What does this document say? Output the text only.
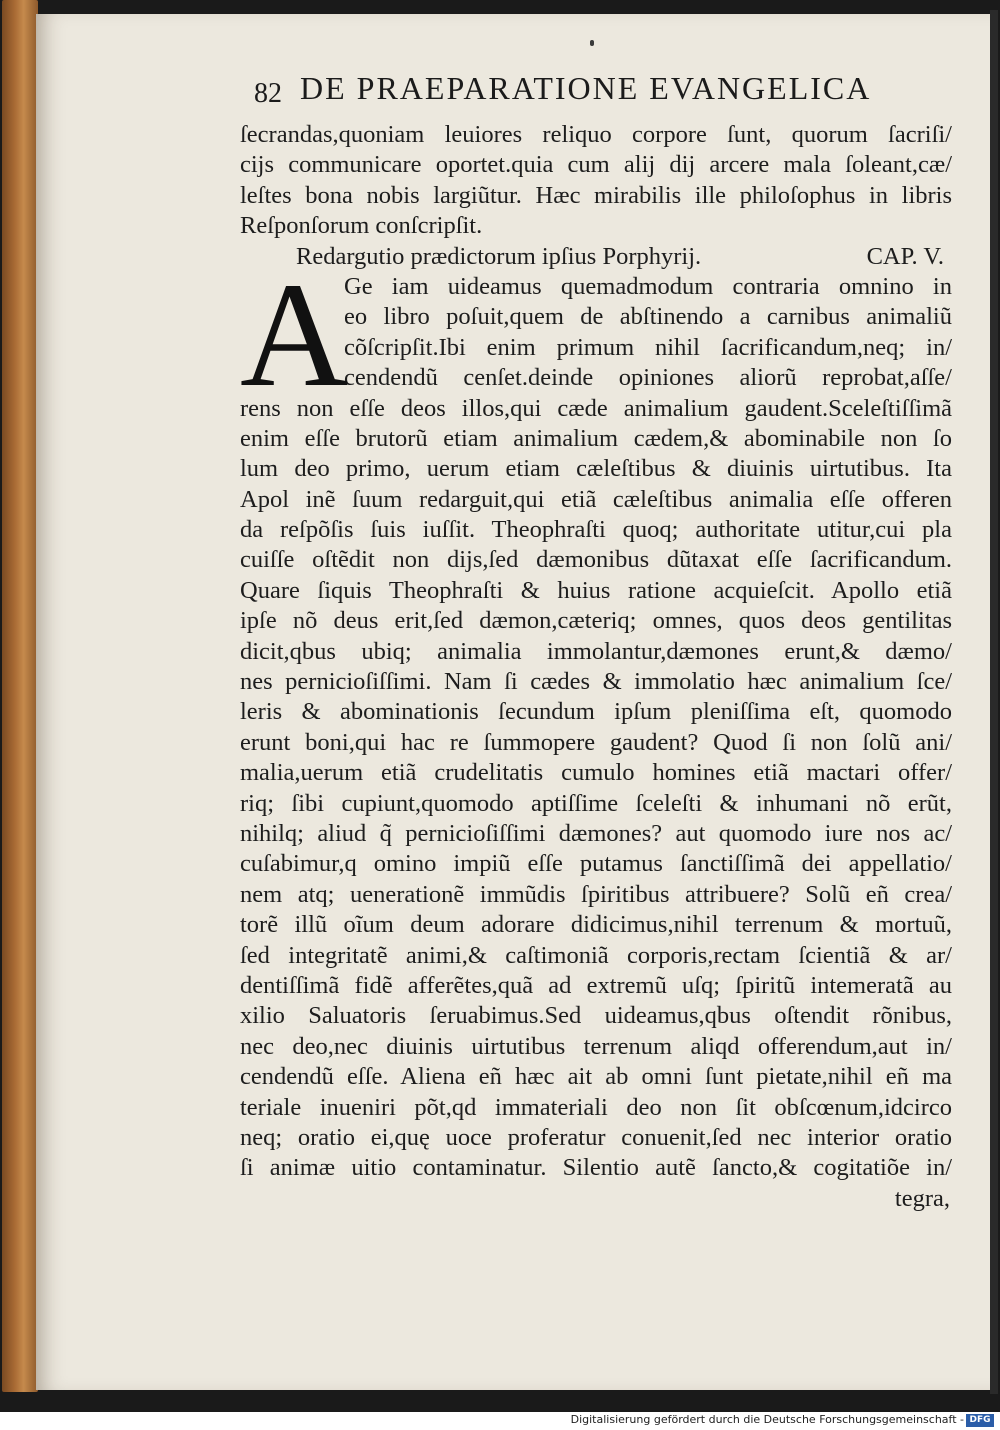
82 DE PRAEPARATIONE EVANGELICA
ſecrandas,quoniam leuiores reliquo corpore ſunt, quorum ſacriſi/
cijs communicare oportet.quia cum alij dij arcere mala ſoleant,cæ/
leſtes bona nobis largiũtur. Hæc mirabilis ille philoſophus in libris
Reſponſorum conſcripſit.
Redargutio prædictorum ipſius Porphyrij.	CAP. V.
A
Ge iam uideamus quemadmodum contraria omnino in
eo libro poſuit,quem de abſtinendo a carnibus animaliũ
cõſcripſit.Ibi enim primum nihil ſacrificandum,neq; in/
cendendũ cenſet.deinde opiniones aliorũ reprobat,aſſe/
rens non eſſe deos illos,qui cæde animalium gaudent.Sceleſtiſſimã
enim eſſe brutorũ etiam animalium cædem,& abominabile non ſo
lum deo primo, uerum etiam cæleſtibus & diuinis uirtutibus. Ita
Apol inẽ ſuum redarguit,qui etiã cæleſtibus animalia eſſe offeren
da reſpõſis ſuis iuſſit. Theophraſti quoq; authoritate utitur,cui pla
cuiſſe oſtẽdit non dijs,ſed dæmonibus dũtaxat eſſe ſacrificandum.
Quare ſiquis Theophraſti & huius ratione acquieſcit. Apollo etiã
ipſe nõ deus erit,ſed dæmon,cæteriq; omnes, quos deos gentilitas
dicit,qbus ubiq; animalia immolantur,dæmones erunt,& dæmo/
nes pernicioſiſſimi. Nam ſi cædes & immolatio hæc animalium ſce/
leris & abominationis ſecundum ipſum pleniſſima eſt, quomodo
erunt boni,qui hac re ſummopere gaudent? Quod ſi non ſolũ ani/
malia,uerum etiã crudelitatis cumulo homines etiã mactari offer/
riq; ſibi cupiunt,quomodo aptiſſime ſceleſti & inhumani nõ erũt,
nihilq; aliud q̃ pernicioſiſſimi dæmones? aut quomodo iure nos ac/
cuſabimur,q omino impiũ eſſe putamus ſanctiſſimã dei appellatio/
nem atq; uenerationẽ immũdis ſpiritibus attribuere? Solũ eñ crea/
torẽ illũ oĩum deum adorare didicimus,nihil terrenum & mortuũ,
ſed integritatẽ animi,& caſtimoniã corporis,rectam ſcientiã & ar/
dentiſſimã fidẽ afferẽtes,quã ad extremũ uſq; ſpiritũ intemeratã au
xilio Saluatoris ſeruabimus.Sed uideamus,qbus oſtendit rõnibus,
nec deo,nec diuinis uirtutibus terrenum aliqd offerendum,aut in/
cendendũ eſſe. Aliena eñ hæc ait ab omni ſunt pietate,nihil eñ ma
teriale inueniri põt,qd immateriali deo non ſit obſcœnum,idcirco
neq; oratio ei,quę uoce proferatur conuenit,ſed nec interior oratio
ſi animæ uitio contaminatur. Silentio autẽ ſancto,& cogitatiõe in/
tegra,
Digitalisierung gefördert durch die Deutsche Forschungsgemeinschaft - DFG
